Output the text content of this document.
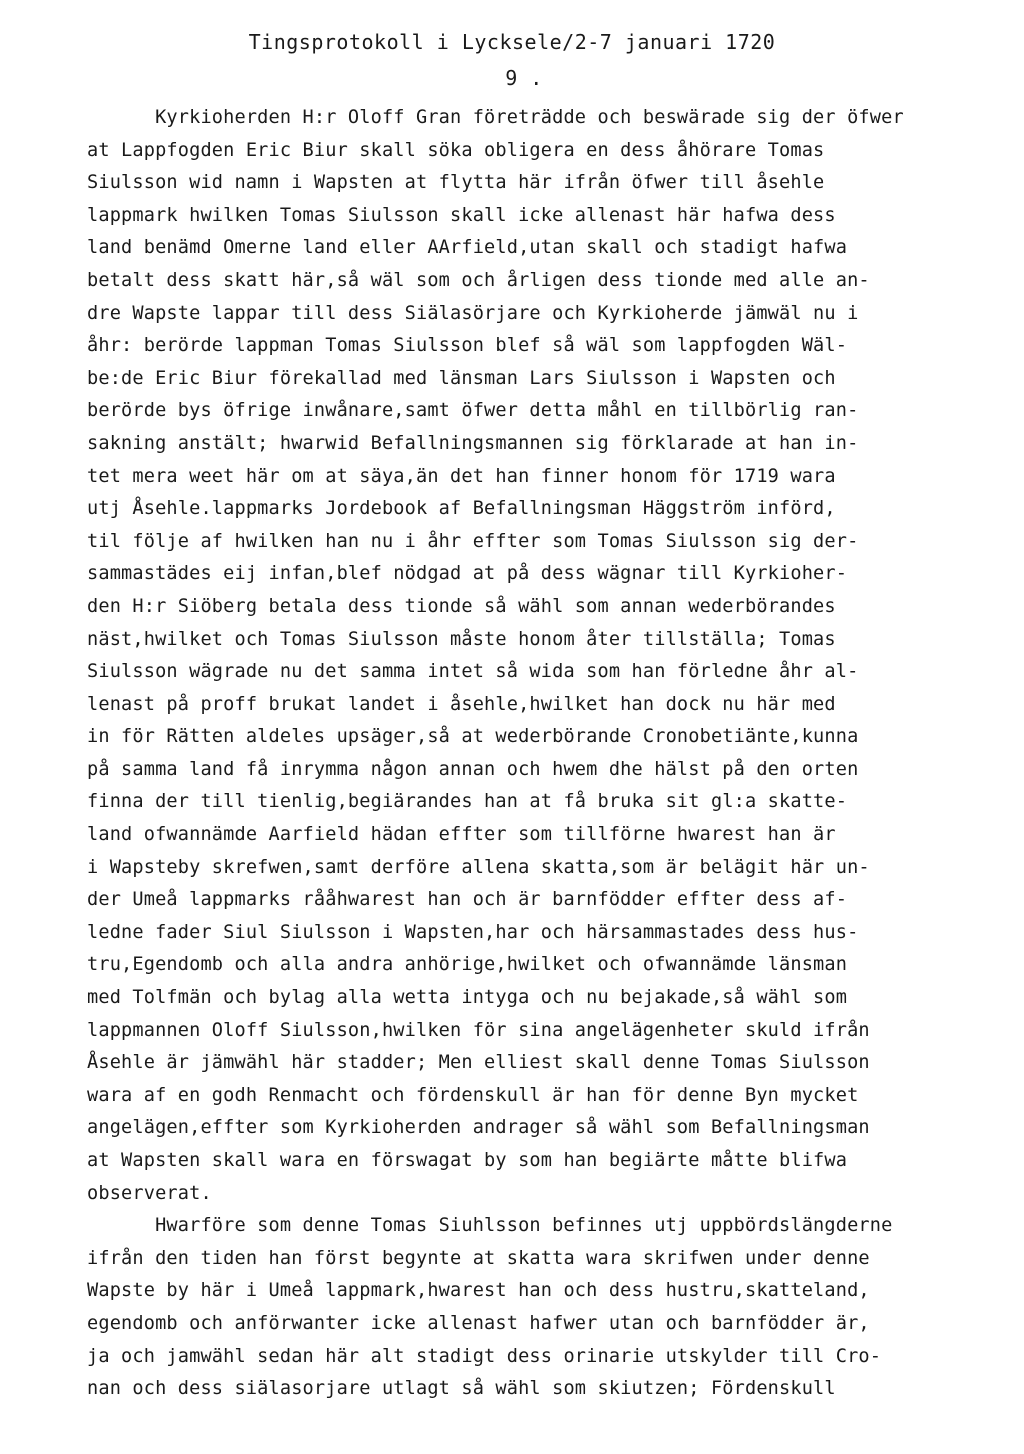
Tingsprotokoll i Lycksele/2-7 januari 1720
9 .
Kyrkioherden H:r Oloff Gran företrädde och beswärade sig der öfwer
at Lappfogden Eric Biur skall söka obligera en dess åhörare Tomas
Siulsson wid namn i Wapsten at flytta här ifrån öfwer till åsehle
lappmark hwilken Tomas Siulsson skall icke allenast här hafwa dess
land benämd Omerne land eller AArfield,utan skall och stadigt hafwa
betalt dess skatt här,så wäl som och årligen dess tionde med alle an-
dre Wapste lappar till dess Siälasörjare och Kyrkioherde jämwäl nu i
åhr: berörde lappman Tomas Siulsson blef så wäl som lappfogden Wäl-
be:de Eric Biur förekallad med länsman Lars Siulsson i Wapsten och
berörde bys öfrige inwånare,samt öfwer detta måhl en tillbörlig ran-
sakning anstält; hwarwid Befallningsmannen sig förklarade at han in-
tet mera weet här om at säya,än det han finner honom för 1719 wara
utj Åsehle.lappmarks Jordebook af Befallningsman Häggström införd,
til följe af hwilken han nu i åhr effter som Tomas Siulsson sig der-
sammastädes eij infan,blef nödgad at på dess wägnar till Kyrkioher-
den H:r Siöberg betala dess tionde så wähl som annan wederbörandes
näst,hwilket och Tomas Siulsson måste honom åter tillställa; Tomas
Siulsson wägrade nu det samma intet så wida som han förledne åhr al-
lenast på proff brukat landet i åsehle,hwilket han dock nu här med
in för Rätten aldeles upsäger,så at wederbörande Cronobetiänte,kunna
på samma land få inrymma någon annan och hwem dhe hälst på den orten
finna der till tienlig,begiärandes han at få bruka sit gl:a skatte-
land ofwannämde Aarfield hädan effter som tillförne hwarest han är
i Wapsteby skrefwen,samt derföre allena skatta,som är belägit här un-
der Umeå lappmarks rååhwarest han och är barnfödder effter dess af-
ledne fader Siul Siulsson i Wapsten,har och härsammastades dess hus-
tru,Egendomb och alla andra anhörige,hwilket och ofwannämde länsman
med Tolfmän och bylag alla wetta intyga och nu bejakade,så wähl som
lappmannen Oloff Siulsson,hwilken för sina angelägenheter skuld ifrån
Åsehle är jämwähl här stadder; Men elliest skall denne Tomas Siulsson
wara af en godh Renmacht och fördenskull är han för denne Byn mycket
angelägen,effter som Kyrkioherden andrager så wähl som Befallningsman
at Wapsten skall wara en förswagat by som han begiärte måtte blifwa
observerat.
Hwarföre som denne Tomas Siuhlsson befinnes utj uppbördslängderne
ifrån den tiden han först begynte at skatta wara skrifwen under denne
Wapste by här i Umeå lappmark,hwarest han och dess hustru,skatteland,
egendomb och anförwanter icke allenast hafwer utan och barnfödder är,
ja och jamwähl sedan här alt stadigt dess orinarie utskylder till Cro-
nan och dess siälasorjare utlagt så wähl som skiutzen; Fördenskull
